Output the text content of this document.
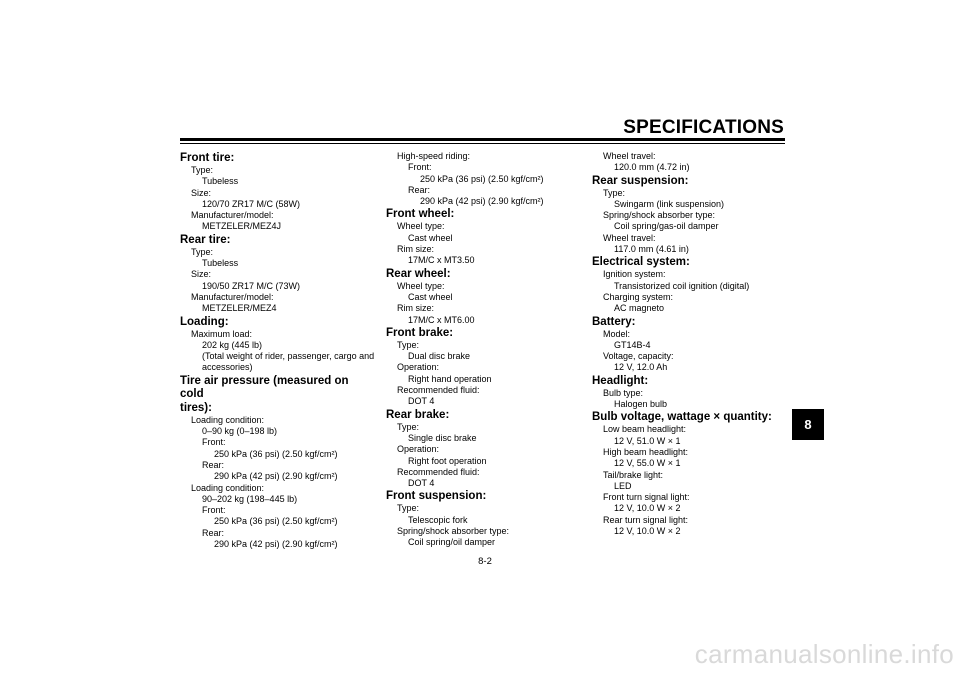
SPECIFICATIONS
Front tire:
Type:
Tubeless
Size:
120/70 ZR17 M/C (58W)
Manufacturer/model:
METZELER/MEZ4J
Rear tire:
Type:
Tubeless
Size:
190/50 ZR17 M/C (73W)
Manufacturer/model:
METZELER/MEZ4
Loading:
Maximum load:
202 kg (445 lb)
(Total weight of rider, passenger, cargo and
accessories)
Tire air pressure (measured on cold
tires):
Loading condition:
0–90 kg (0–198 lb)
Front:
250 kPa (36 psi) (2.50 kgf/cm²)
Rear:
290 kPa (42 psi) (2.90 kgf/cm²)
Loading condition:
90–202 kg (198–445 lb)
Front:
250 kPa (36 psi) (2.50 kgf/cm²)
Rear:
290 kPa (42 psi) (2.90 kgf/cm²)
High-speed riding:
Front:
250 kPa (36 psi) (2.50 kgf/cm²)
Rear:
290 kPa (42 psi) (2.90 kgf/cm²)
Front wheel:
Wheel type:
Cast wheel
Rim size:
17M/C x MT3.50
Rear wheel:
Wheel type:
Cast wheel
Rim size:
17M/C x MT6.00
Front brake:
Type:
Dual disc brake
Operation:
Right hand operation
Recommended fluid:
DOT 4
Rear brake:
Type:
Single disc brake
Operation:
Right foot operation
Recommended fluid:
DOT 4
Front suspension:
Type:
Telescopic fork
Spring/shock absorber type:
Coil spring/oil damper
Wheel travel:
120.0 mm (4.72 in)
Rear suspension:
Type:
Swingarm (link suspension)
Spring/shock absorber type:
Coil spring/gas-oil damper
Wheel travel:
117.0 mm (4.61 in)
Electrical system:
Ignition system:
Transistorized coil ignition (digital)
Charging system:
AC magneto
Battery:
Model:
GT14B-4
Voltage, capacity:
12 V, 12.0 Ah
Headlight:
Bulb type:
Halogen bulb
Bulb voltage, wattage × quantity:
Low beam headlight:
12 V, 51.0 W × 1
High beam headlight:
12 V, 55.0 W × 1
Tail/brake light:
LED
Front turn signal light:
12 V, 10.0 W × 2
Rear turn signal light:
12 V, 10.0 W × 2
8-2
8
carmanualsonline.info
